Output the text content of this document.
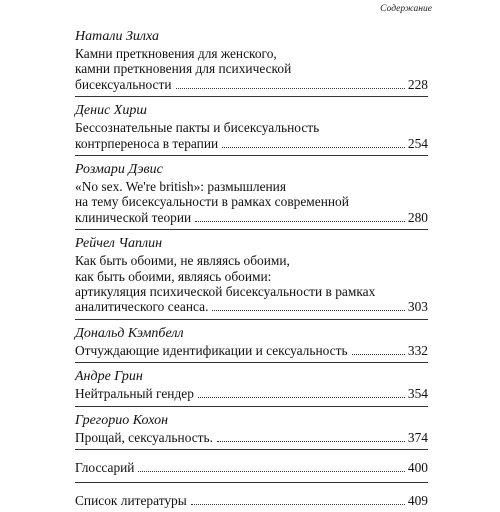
Содержание
Натали Зилха
Камни преткновения для женского,
камни преткновения для психической
бисексуальности	228
Денис Хирш
Бессознательные пакты и бисексуальность
контрпереноса в терапии	254
Розмари Дэвис
«No sex. We're british»: размышления
на тему бисексуальности в рамках современной
клинической теории	280
Рейчел Чаплин
Как быть обоими, не являясь обоими,
как быть обоими, являясь обоими:
артикуляция психической бисексуальности в рамках
аналитического сеанса.	303
Дональд Кэмпбелл
Отчуждающие идентификации и сексуальность	332
Андре Грин
Нейтральный гендер	354
Грегорио Кохон
Прощай, сексуальность.	374
Глоссарий	400
Список литературы	409
